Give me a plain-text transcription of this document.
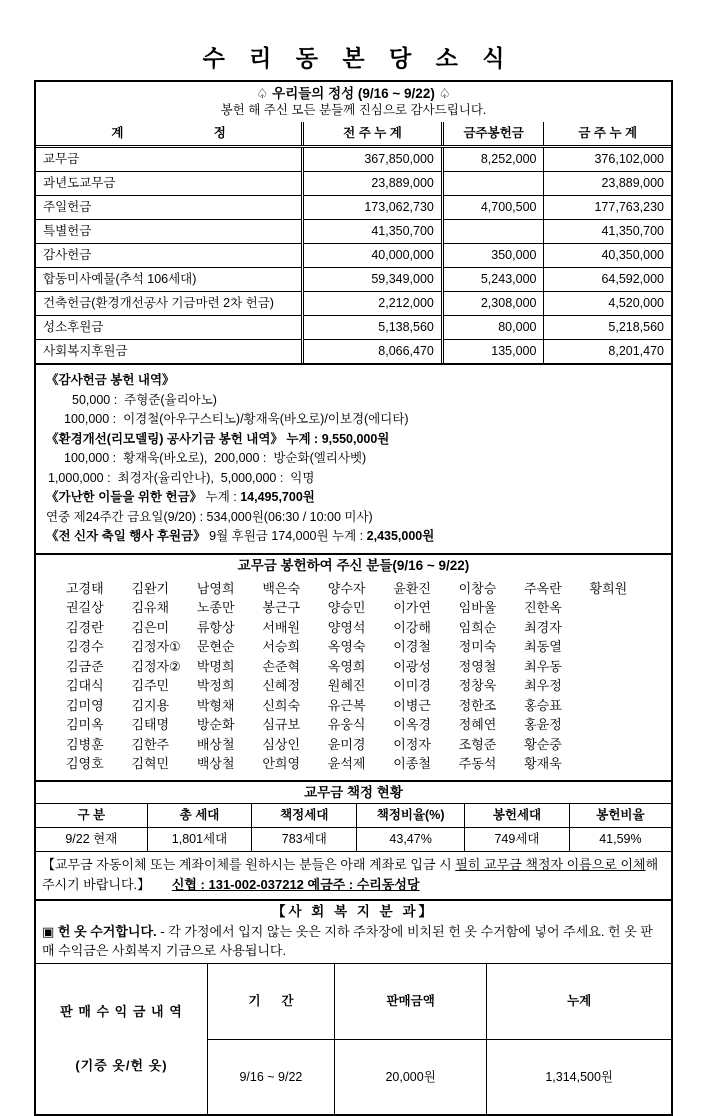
수 리 동 본 당 소 식
♤ 우리들의 정성 (9/16 ~ 9/22) ♤
봉헌 해 주신 모든 분들께 진심으로 감사드립니다.
계                          정	전 주 누 계	금주봉헌금	금 주 누 계
교무금	367,850,000	8,252,000	376,102,000
과년도교무금	23,889,000		23,889,000
주일헌금	173,062,730	4,700,500	177,763,230
특별헌금	41,350,700		41,350,700
감사헌금	40,000,000	350,000	40,350,000
합동미사예물(추석 106세대)	59,349,000	5,243,000	64,592,000
건축헌금(환경개선공사 기금마련 2차 헌금)	2,212,000	2,308,000	4,520,000
성소후원금	5,138,560	80,000	5,218,560
사회복지후원금	8,066,470	135,000	8,201,470
《감사헌금 봉헌 내역》
50,000 :  주형준(율리아노)
100,000 :  이경철(아우구스티노)/황재욱(바오로)/이보경(에디타)
《환경개선(리모델링) 공사기금 봉헌 내역》 누계 : 9,550,000원
100,000 :  황재욱(바오로),  200,000 :  방순화(엘리사벳)
1,000,000 :  최경자(율리안나),  5,000,000 :  익명
《가난한 이들을 위한 헌금》 누계 : 14,495,700원
연중 제24주간 금요일(9/20) : 534,000원(06:30 / 10:00 미사)
《전 신자 축일 행사 후원금》 9월 후원금 174,000원 누계 : 2,435,000원
교무금 봉헌하여 주신 분들(9/16 ~ 9/22)
고경태	김완기	남영희	백은숙	양수자	윤환진	이창승	주옥란	황희원
권길상	김유채	노종만	봉근구	양승민	이가연	임바울	진한옥
김경란	김은미	류항상	서배원	양영석	이강해	임희순	최경자
김경수	김정자①	문현순	서승희	옥영숙	이경철	정미숙	최동열
김금준	김정자②	박명희	손준혁	옥영희	이광성	정영철	최우동
김대식	김주민	박정희	신혜정	원혜진	이미경	정창욱	최우정
김미영	김지용	박형채	신희숙	유근복	이병근	정한조	홍승표
김미옥	김태명	방순화	심규보	유웅식	이옥경	정혜연	홍윤정
김병훈	김한주	배상철	심상인	윤미경	이정자	조형준	황순중
김영호	김혁민	백상철	안희영	윤석제	이종철	주동석	황재욱
교무금 책정 현황
구 분	총 세대	책정세대	책정비율(%)	봉헌세대	봉헌비율
9/22 현재	1,801세대	783세대	43,47%	749세대	41,59%

【교무금 자동이체 또는 계좌이체를 원하시는 분들은 아래 계좌로 입금 시 필히 교무금 책정자 이름으로 이체해 주시기 바랍니다.】 신협 : 131-002-037212 예금주 : 수리동성당

【사 회 복 지 분 과】

▣ 헌 옷 수거합니다. - 각 가정에서 입지 않는 옷은 지하 주차장에 비치된 헌 옷 수거함에 넣어 주세요. 헌 옷 판매 수익금은 사회복지 기금으로 사용됩니다.

판 매 수 익 금 내 역

(기증 옷/헌 옷)	기      간	판매금액	누계
	9/16 ~ 9/22	20,000원	1,314,500원
